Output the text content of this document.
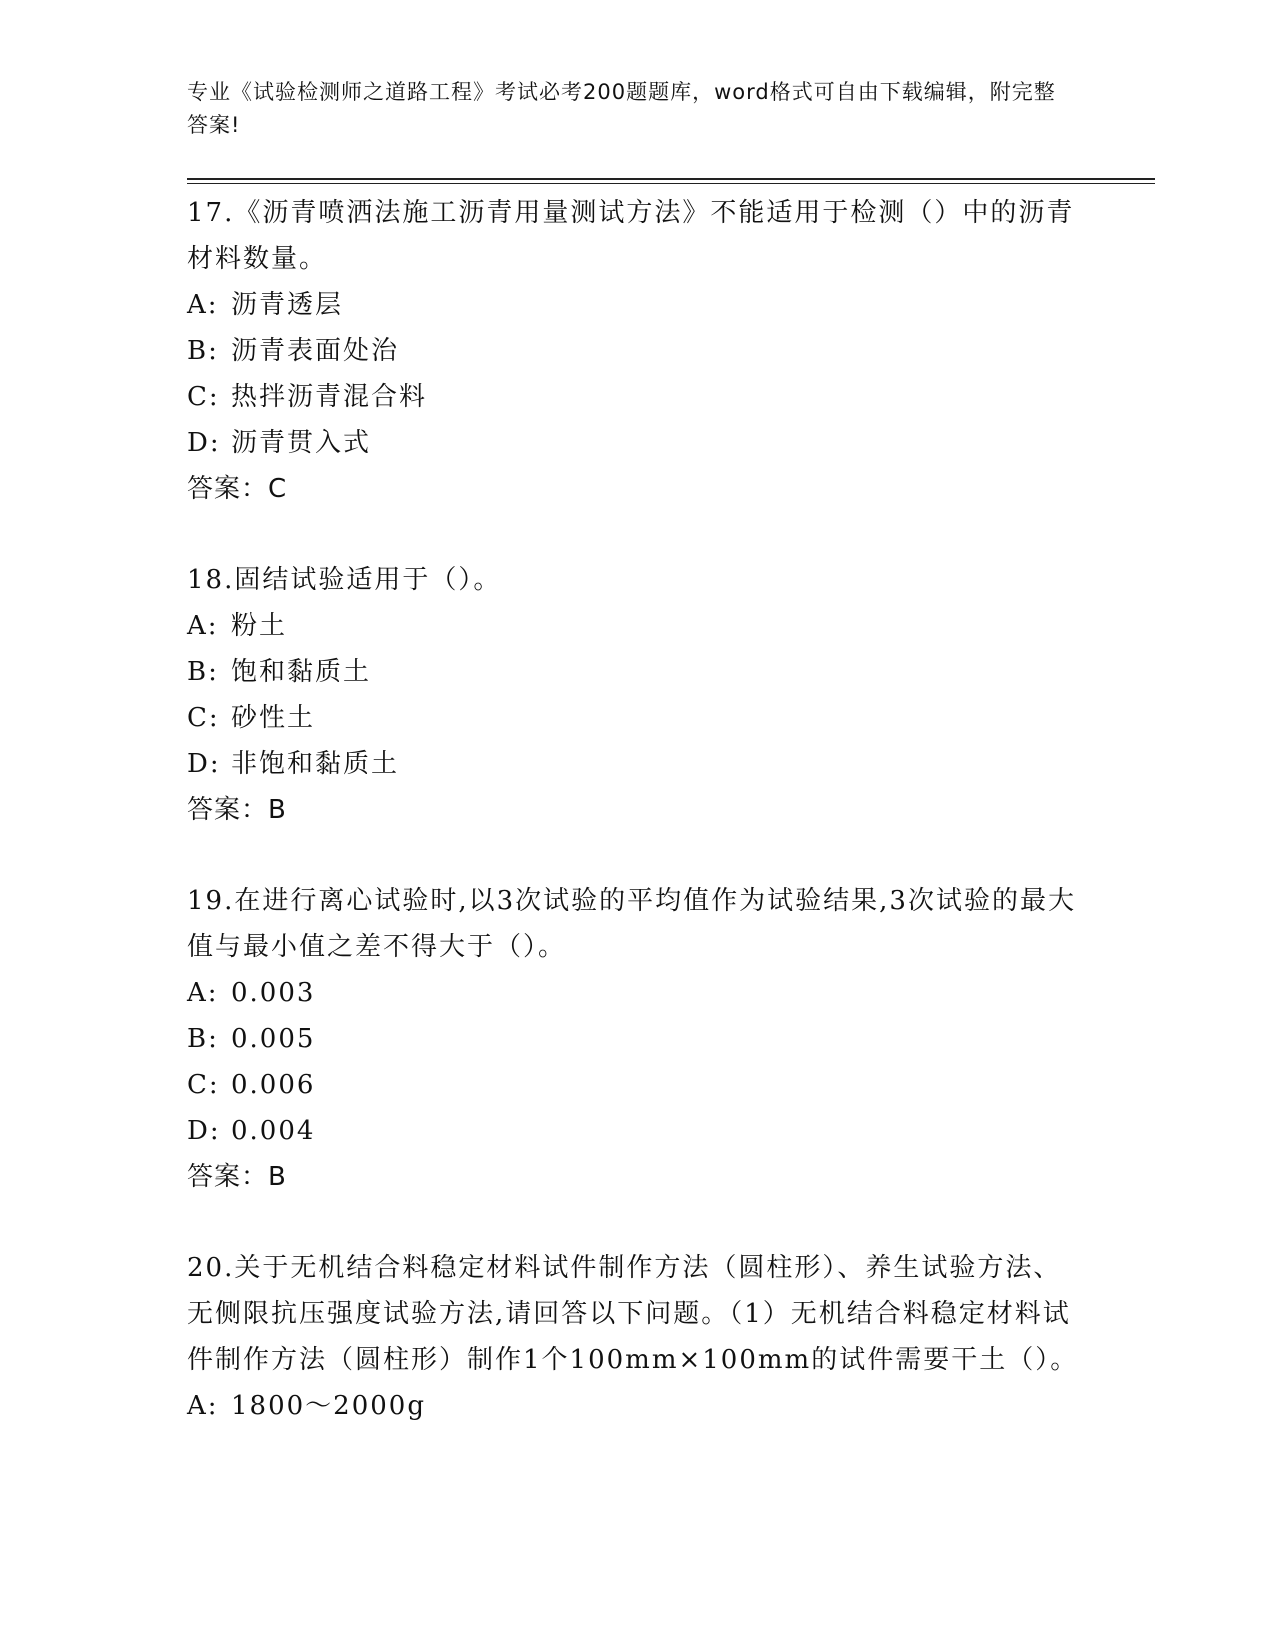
专业《试验检测师之道路工程》考试必考200题题库，word格式可自由下载编辑，附完整答案!
17.《沥青喷洒法施工沥青用量测试方法》不能适用于检测（）中的沥青材料数量。
A: 沥青透层
B: 沥青表面处治
C: 热拌沥青混合料
D: 沥青贯入式
答案：C
18.固结试验适用于（）。
A: 粉土
B: 饱和黏质土
C: 砂性土
D: 非饱和黏质土
答案：B
19.在进行离心试验时,以3次试验的平均值作为试验结果,3次试验的最大值与最小值之差不得大于（）。
A: 0.003
B: 0.005
C: 0.006
D: 0.004
答案：B
20.关于无机结合料稳定材料试件制作方法（圆柱形）、养生试验方法、无侧限抗压强度试验方法,请回答以下问题。（1）无机结合料稳定材料试件制作方法（圆柱形）制作1个100mm×100mm的试件需要干土（）。
A: 1800～2000g
